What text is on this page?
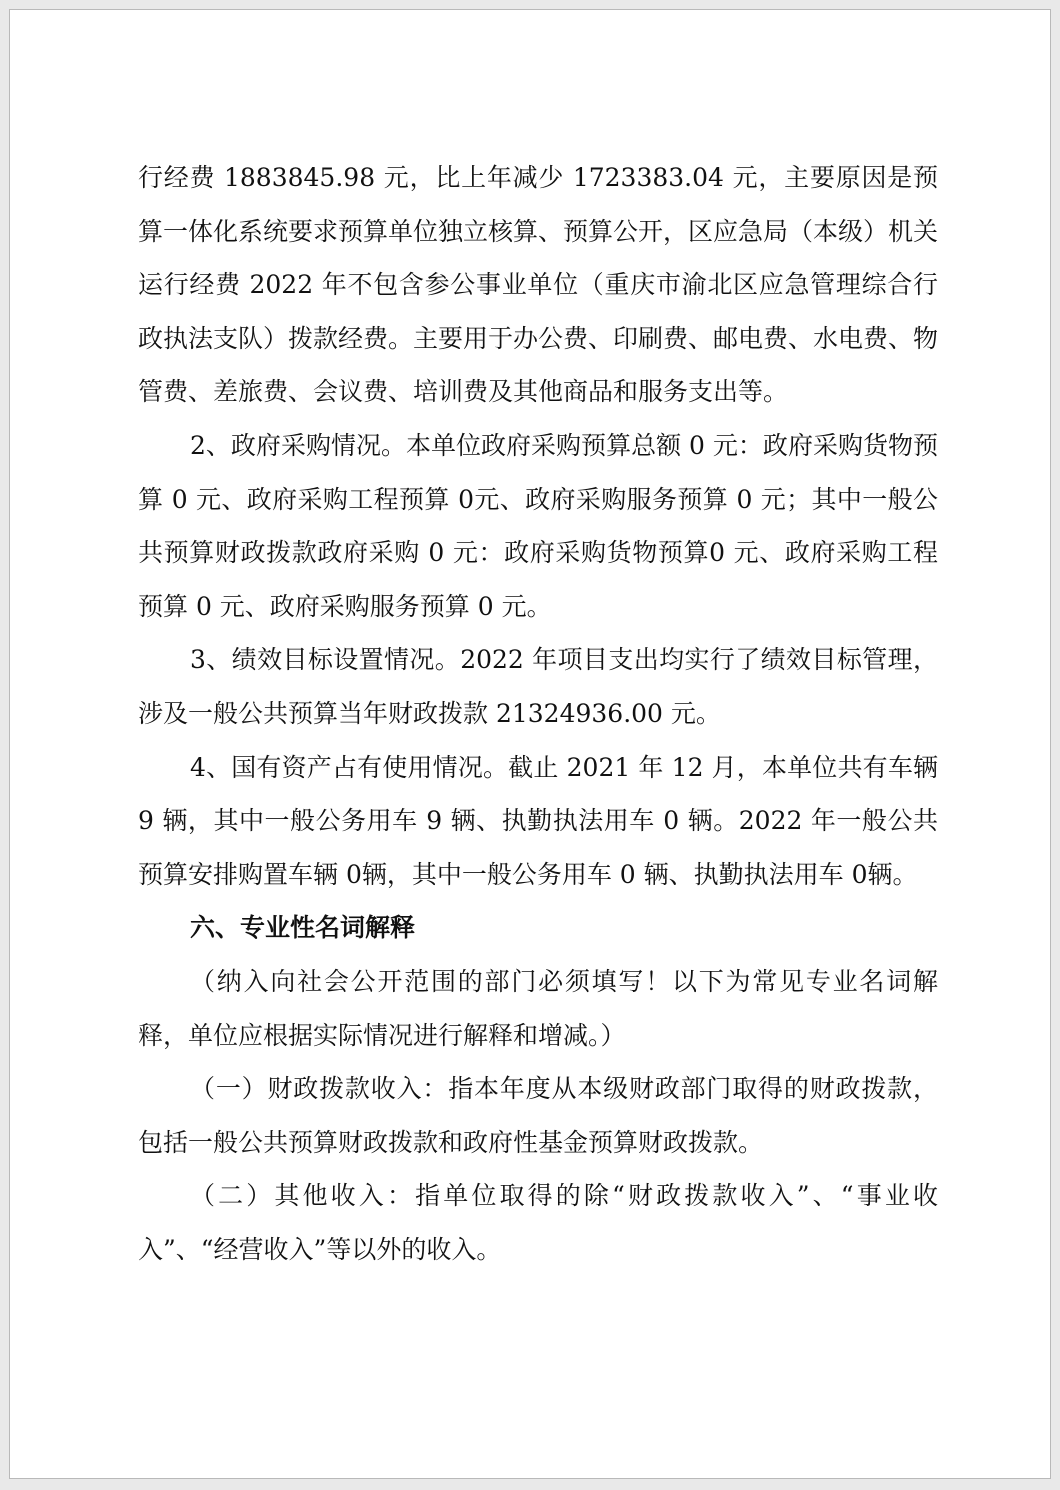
行经费 1883845.98 元，比上年减少 1723383.04 元，主要原因是预算一体化系统要求预算单位独立核算、预算公开，区应急局（本级）机关运行经费 2022 年不包含参公事业单位（重庆市渝北区应急管理综合行政执法支队）拨款经费。主要用于办公费、印刷费、邮电费、水电费、物管费、差旅费、会议费、培训费及其他商品和服务支出等。

2、政府采购情况。本单位政府采购预算总额 0 元：政府采购货物预算 0 元、政府采购工程预算 0元、政府采购服务预算 0 元；其中一般公共预算财政拨款政府采购 0 元：政府采购货物预算0 元、政府采购工程预算 0 元、政府采购服务预算 0 元。

3、绩效目标设置情况。2022 年项目支出均实行了绩效目标管理，涉及一般公共预算当年财政拨款 21324936.00 元。

4、国有资产占有使用情况。截止 2021 年 12 月，本单位共有车辆 9 辆，其中一般公务用车 9 辆、执勤执法用车 0 辆。2022 年一般公共预算安排购置车辆 0辆，其中一般公务用车 0 辆、执勤执法用车 0辆。

六、专业性名词解释

（纳入向社会公开范围的部门必须填写！以下为常见专业名词解释，单位应根据实际情况进行解释和增减。）

（一）财政拨款收入：指本年度从本级财政部门取得的财政拨款，包括一般公共预算财政拨款和政府性基金预算财政拨款。

（二）其他收入：指单位取得的除“财政拨款收入”、“事业收入”、“经营收入”等以外的收入。
